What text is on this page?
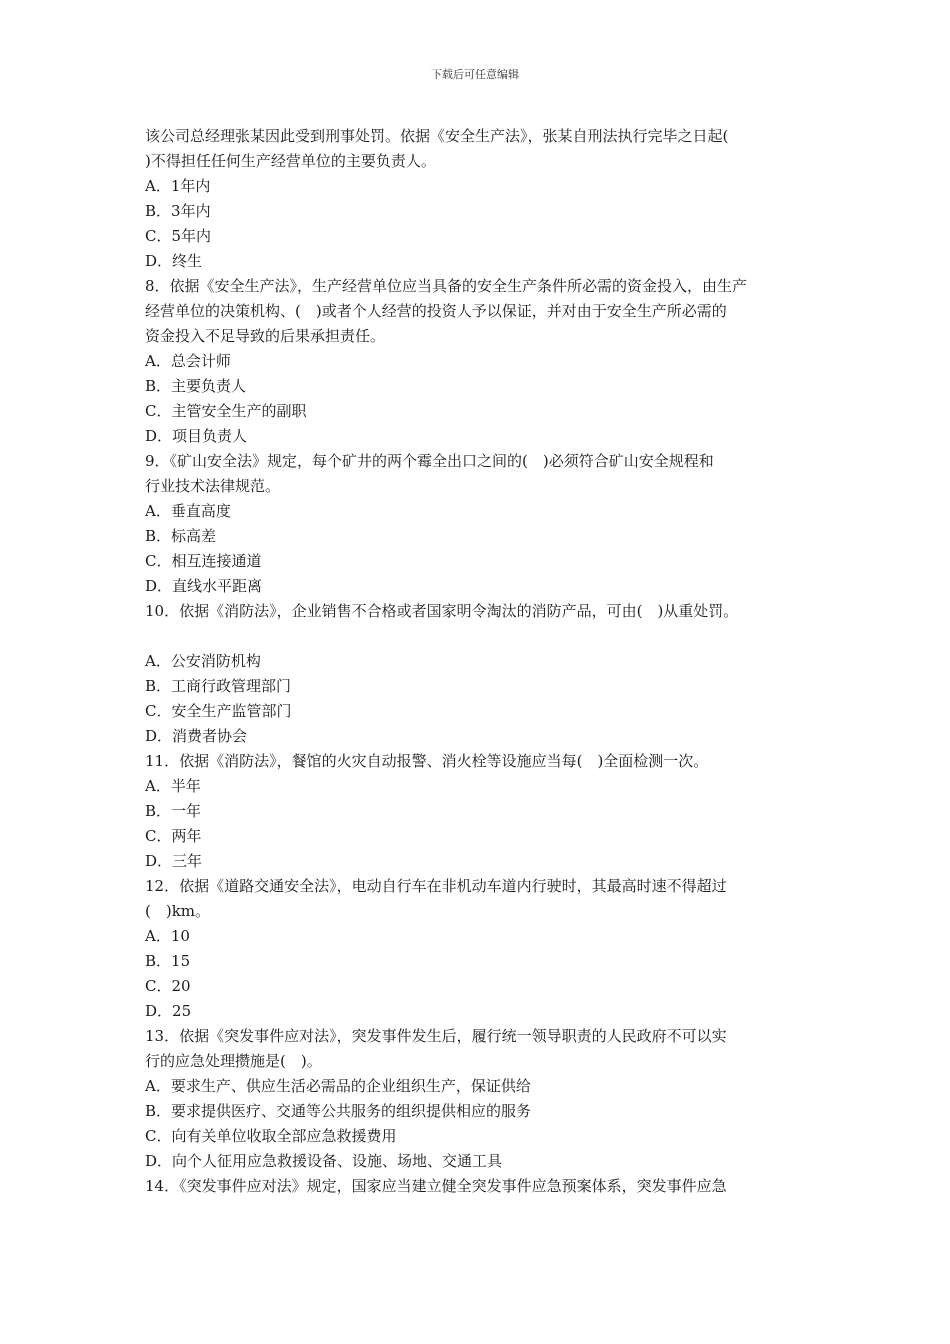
下载后可任意编辑
该公司总经理张某因此受到刑事处罚。依据《安全生产法》，张某自刑法执行完毕之日起(
)不得担任任何生产经营单位的主要负责人。
A．1年内
B．3年内
C．5年内
D．终生
8．依据《安全生产法》，生产经营单位应当具备的安全生产条件所必需的资金投入，由生产
经营单位的决策机构、(　)或者个人经营的投资人予以保证，并对由于安全生产所必需的
资金投入不足导致的后果承担责任。
A．总会计师
B．主要负责人
C．主管安全生产的副职
D．项目负责人
9．《矿山安全法》规定，每个矿井的两个霉全出口之间的(　)必须符合矿山安全规程和
行业技术法律规范。
A．垂直高度
B．标高差
C．相互连接通道
D．直线水平距离
10．依据《消防法》，企业销售不合格或者国家明令淘汰的消防产品，可由(　)从重处罚。
A．公安消防机构
B．工商行政管理部门
C．安全生产监管部门
D．消费者协会
11．依据《消防法》，餐馆的火灾自动报警、消火栓等设施应当每(　)全面检测一次。
A．半年
B．一年
C．两年
D．三年
12．依据《道路交通安全法》，电动自行车在非机动车道内行驶时，其最高时速不得超过
(　)km。
A．10
B．15
C．20
D．25
13．依据《突发事件应对法》，突发事件发生后，履行统一领导职责的人民政府不可以实
行的应急处理攒施是(　)。
A．要求生产、供应生活必需品的企业组织生产，保证供给
B．要求提供医疗、交通等公共服务的组织提供相应的服务
C．向有关单位收取全部应急救援费用
D．向个人征用应急救援设备、设施、场地、交通工具
14．《突发事件应对法》规定，国家应当建立健全突发事件应急预案体系，突发事件应急
